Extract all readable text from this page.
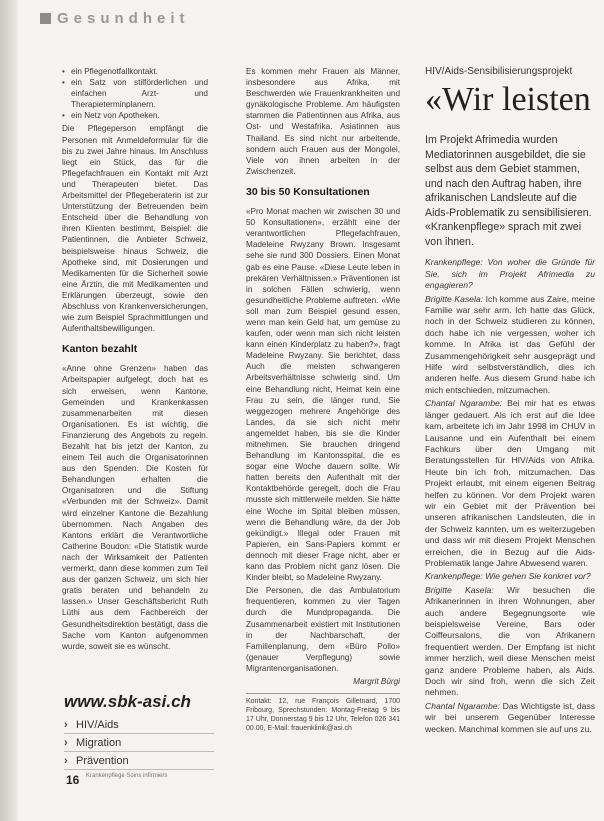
Gesundheit
• ein Pflegenotfallkontakt.
• ein Satz von stilförderlichen und einfachen Arzt- und Therapieterminplanern.
• ein Netz von Apotheken.

Die Pflegeperson empfängt die Personen mit Anmeldeformular für die bis zu zwei Jahre hinaus. Im Anschluss liegt ein Stück, das für die Pflegefachfrauen ein Kontakt mit Arzt und Therapeuten bietet. Das Arbeitsmittel der Pflegeberaterin ist zur Unterstützung der Betreuenden beim Entscheid über die Behandlung von ihren Klienten bestimmt, Beispiel: die Patientinnen, die Anbieter Schweiz, beispielsweise hinaus Schweiz, die Apotheke sind, mit Dosierungen und Medikamenten für die Sicherheit sowie eine Ärztin, die mit Medikamenten und Erklärungen überzeugt, sowie den Abschluss von Krankenversicherungen, wie zum Beispiel Sprachmittlungen und Aufenthaltsbewilligungen.

Kanton bezahlt

«Anne ohne Grenzen» haben das Arbeitspapier aufgelegt, doch hat es sich erweisen, wenn Kantone, Gemeinden und Krankenkassen zusammenarbeiten mit diesen Organisationen. Es ist wichtig, die Finanzierung des Angebots zu regeln. Bezahlt hat bis jetzt der Kanton, zu einem Teil auch die Organisatorinnen aus den Spenden. Die Kosten für Behandlungen erhalten die Organisatoren und die Stiftung «Verbunden mit der Schweiz». Damit wird einzelner Kantone die Bezahlung übernommen. Nach Angaben des Kantons erklärt die Verantwortliche Catherine Boudon: «Die Statistik wurde nach der Wirksamkeit der Patienten vermerkt, dann diese kommen zum Teil aus der ganzen Schweiz, um sich hier gratis beraten und behandeln zu lassen.» Unser Geschäftsbericht Ruth Lüthi aus dem Fachbereich der Gesundheitsdirektion bestätigt, dass die Sache vom Kanton aufgenommen wurde, soweit sie es wünscht.

Es kommen mehr Frauen als Männer, insbesondere aus Afrika, mit Beschwerden wie Frauenkrankheiten und gynäkologische Probleme. Am häufigsten stammen die Patientinnen aus Afrika, aus Ost- und Westafrika. Asiatinnen aus Thailand. Es sind nicht nur arbeitende, sondern auch Frauen aus der Mongolei, Viele von ihnen arbeiten in der Zwischenzeit.

30 bis 50 Konsultationen

«Pro Monat machen wir zwischen 30 und 50 Konsultationen», erzählt eine der verantwortlichen Pflegefachfrauen, Madeleine Rwyzany Brown. Insgesamt sehe sie rund 300 Dossiers. Einen Monat gab es eine Pause. «Diese Leute leben in prekären Verhältnissen.» Präventionen ist in solchen Fällen schwierig, wenn gesundheitliche Probleme auftreten. «Wie soll man zum Beispiel gesund essen, wenn man kein Geld hat, um gemüse zu kaufen, oder wenn man sich nicht leisten kann einen Kinderplatz zu haben?», fragt Madeleine Rwyzany. Sie berichtet, dass Auch die meisten schwangeren Arbeitsverhältnisse schwierig sind. Um eine Behandlung nicht, Heimat kein eine Frau zu sein, die länger rund, Sie weggezogen mehrere Angehörige des Landes, da sie sich nicht mehr angemeldet haben, bis sie die Kinder mitnehmen. Sie brauchen dringend Behandlung im Kantonsspital, die es sogar eine Woche dauern sollte. Wir hatten bereits den Aufenthalt mit der Kontaktbehörde geregelt, doch die Frau musste sich mittlerweile melden. Sie hätte eine Woche im Spital bleiben müssen, wenn die Behandlung wäre, da der Job gekündigt.» Illegal oder Frauen mit Papieren, ein Sans-Papiers kommt er dennoch mit dieser Frage nicht, aber er kann das Problem nicht ganz lösen. Die Kinder bleibt, so Madeleine Rwyzany.

Die Personen, die das Ambulatorium frequentieren, kommen zu vier Tagen durch die Mundpropaganda. Die Zusammenarbeit existiert mit Institutionen in der Nachbarschaft, der Familienplanung, dem «Büro Pollo» (genauer Verpflegung) sowie Migrantenorganisationen.

Margrit Bürgi
Kontakt: 12, rue François Gilletnard, 1700 Fribourg, Sprechstunden: Montag-Freitag 9 bis 17 Uhr, Donnerstag 9 bis 12 Uhr, Telefon 026 341 00 00, E-Mail: frauenklinik@asi.ch
HIV/Aids-Sensibilisierungsprojekt
«Wir leisten
Im Projekt Afrimedia wurden Mediatorinnen ausgebildet, die sie selbst aus dem Gebiet stammen, und nach den Auftrag haben, ihre afrikanischen Landsleute auf die Aids-Problematik zu sensibilisieren. «Krankenpflege» sprach mit zwei von ihnen.

Krankenpflege: Von woher die Gründe für Sie, sich im Projekt Afrimedia zu engagieren?

Brigitte Kasela: Ich komme aus Zaire, meine Familie war sehr arm. Ich hatte das Glück, noch in der Schweiz studieren zu können, doch habe ich nie vergessen, woher ich komme. In Afrika ist das Gefühl der Zusammengehörigkeit sehr ausgeprägt und Hilfe wird selbstverständlich, dies ich anderen helfe. Aus diesem Grund habe ich mich entschieden, mitzumachen.

Chantal Ngarambe: Bei mir hat es etwas länger gedauert. Als ich erst auf die Idee kam, arbeitete ich im Jahr 1998 im CHUV in Lausanne und ein Aufenthalt bei einem Fachkurs über den Umgang mit Beratungsstellen für HIV/Aids von Afrika. Heute bin ich froh, mitzumachen. Das Projekt erlaubt, mit einem eigenen Beitrag helfen zu können. Vor dem Projekt waren wir ein Gebiet mit der Prävention bei unseren afrikanischen Landsleuten, die in der Schweiz kannten, um es weiterzugeben und dass wir mit diesem Projekt Menschen erreichen, die in Bezug auf die Aids-Problematik lange Jahre Abwesend waren.

Krankenpflege: Wie gehen Sie konkret vor?

Brigitte Kasela: Wir besuchen die Afrikanerinnen in ihren Wohnungen, aber auch andere Begegnungsorte wie beispielsweise Vereine, Bars oder Coiffeursalons, die von Afrikanern frequentiert werden. Der Empfang ist nicht immer herzlich, weil diese Menschen meist ganz andere Probleme haben, als Aids. Doch wir sind froh, wenn die sich Zeit nehmen.

Chantal Ngarambe: Das Wichtigste ist, dass wir bei unserem Gegenüber Interesse wecken. Manchmal kommen sie auf uns zu.

www.sbk-asi.ch
› HIV/Aids
› Migration
› Prävention
16 Krankenpflege Soins infirmiers
